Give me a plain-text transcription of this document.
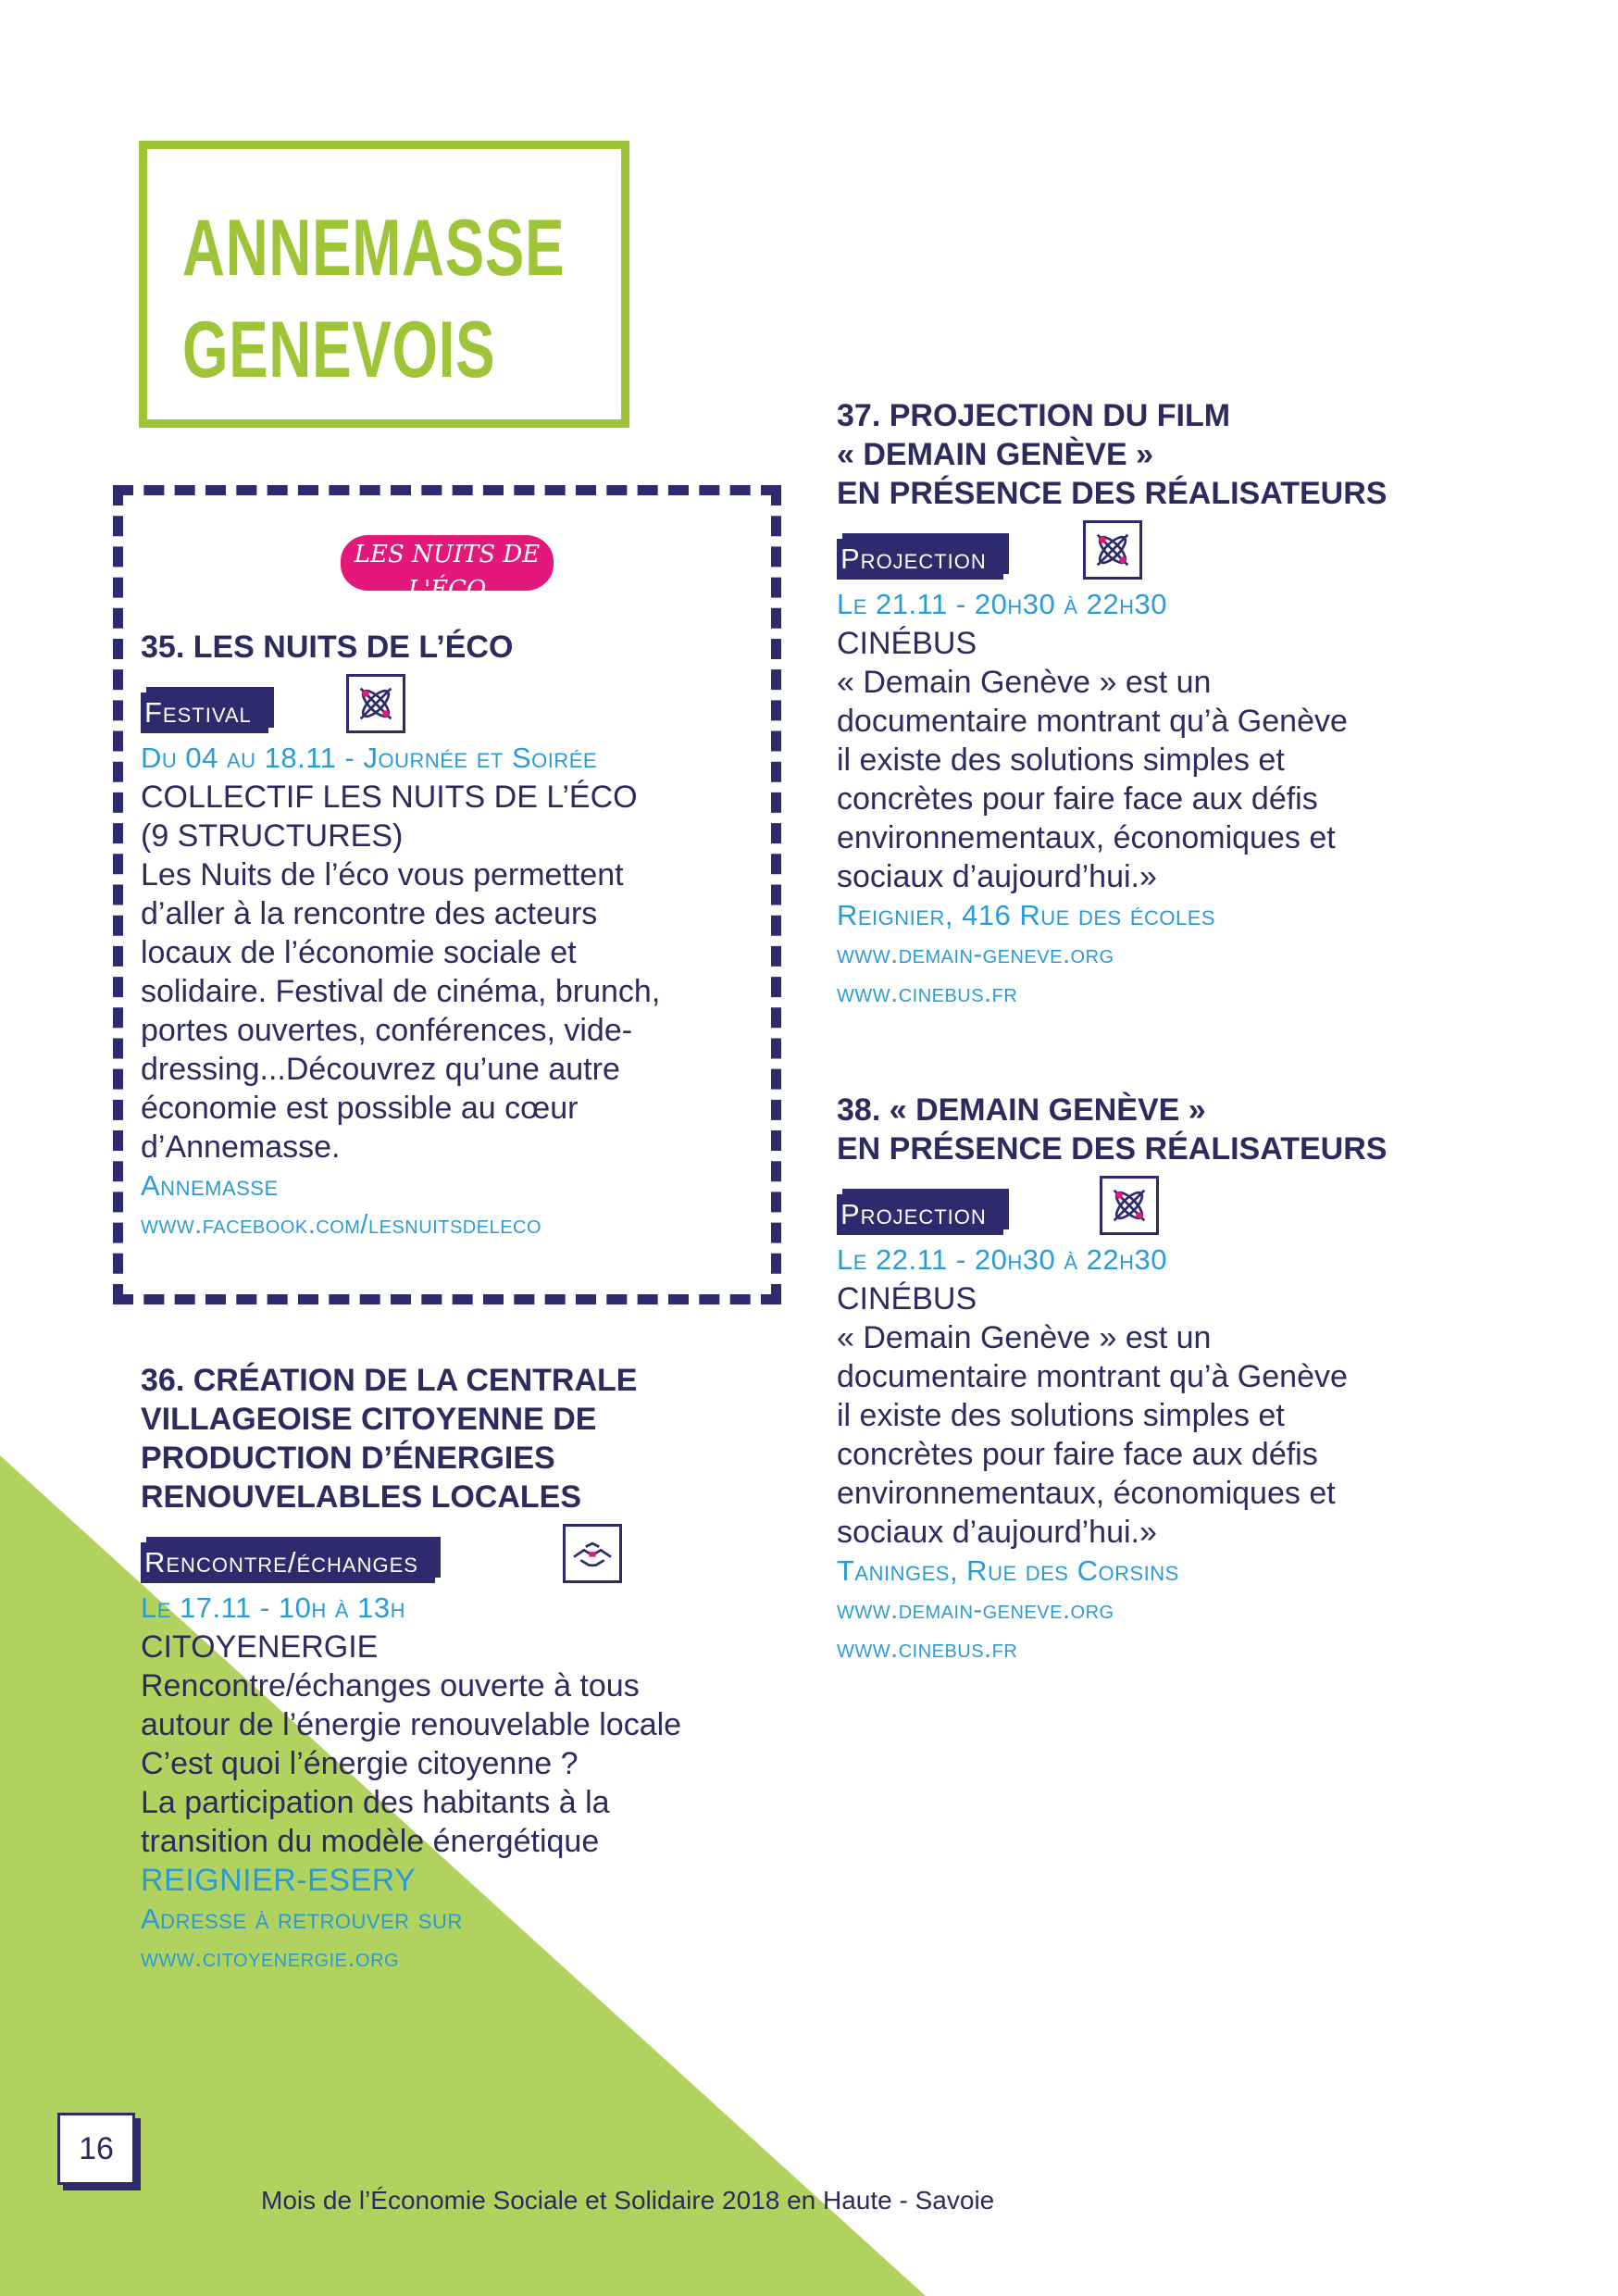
ANNEMASSE
GENEVOIS
LES NUITS DE L'ÉCO
DONNONS DU SENS À L'ÉCONOMIE

35. LES NUITS DE L’ÉCO

Festival
Du 04 au 18.11 - Journée et Soirée
COLLECTIF LES NUITS DE L’ÉCO
(9 STRUCTURES)
Les Nuits de l’éco vous permettent
d’aller à la rencontre des acteurs
locaux de l’économie sociale et
solidaire. Festival de cinéma, brunch,
portes ouvertes, conférences, vide-
dressing...Découvrez qu’une autre
économie est possible au cœur
d’Annemasse.
Annemasse
www.facebook.com/lesnuitsdeleco

36. CRÉATION DE LA CENTRALE
VILLAGEOISE CITOYENNE DE
PRODUCTION D’ÉNERGIES
RENOUVELABLES LOCALES

Rencontre/échanges
Le 17.11 - 10h à 13h
CITOYENERGIE
Rencontre/échanges ouverte à tous
autour de l’énergie renouvelable locale
C’est quoi l’énergie citoyenne ?
La participation des habitants à la
transition du modèle énergétique
REIGNIER-ESERY
Adresse à retrouver sur
www.citoyenergie.org

37. PROJECTION DU FILM
« DEMAIN GENÈVE »
EN PRÉSENCE DES RÉALISATEURS

Projection
Le 21.11 - 20h30 à 22h30
CINÉBUS
« Demain Genève » est un
documentaire montrant qu’à Genève
il existe des solutions simples et
concrètes pour faire face aux défis
environnementaux, économiques et
sociaux d’aujourd’hui.»
Reignier, 416 Rue des écoles
www.demain-geneve.org
www.cinebus.fr

38. « DEMAIN GENÈVE »
EN PRÉSENCE DES RÉALISATEURS

Projection
Le 22.11 - 20h30 à 22h30
CINÉBUS
« Demain Genève » est un
documentaire montrant qu’à Genève
il existe des solutions simples et
concrètes pour faire face aux défis
environnementaux, économiques et
sociaux d’aujourd’hui.»
Taninges, Rue des Corsins
www.demain-geneve.org
www.cinebus.fr
16
Mois de l’Économie Sociale et Solidaire 2018 en Haute - Savoie
